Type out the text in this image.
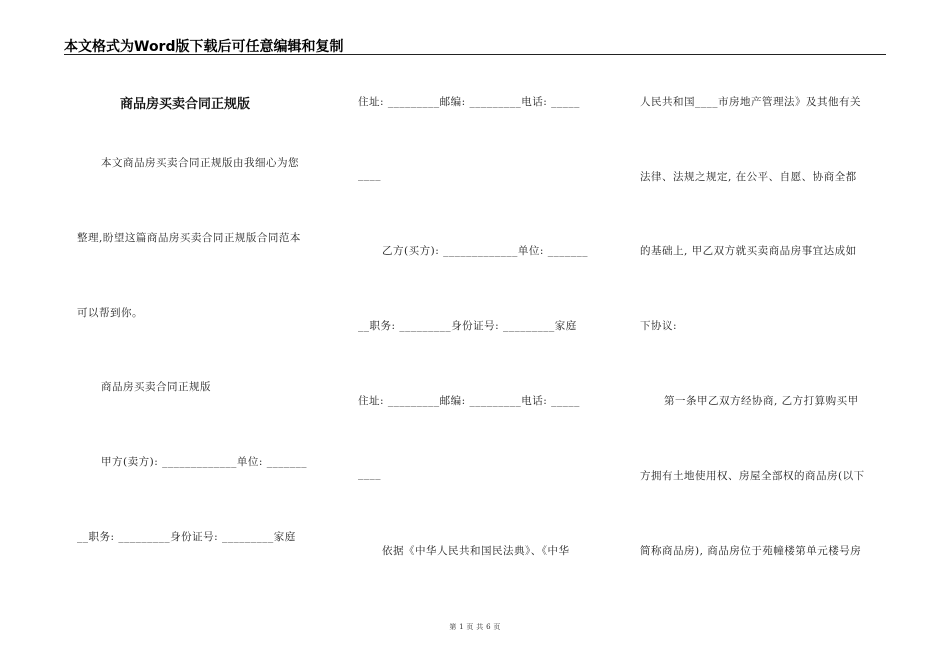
本文格式为Word版下载后可任意编辑和复制
商品房买卖合同正规版
本文商品房买卖合同正规版由我细心为您
整理,盼望这篇商品房买卖合同正规版合同范本
可以帮到你。
商品房买卖合同正规版
甲方(卖方): _____________单位: _______
__职务: _________身份证号: _________家庭
住址: _________邮编: _________电话: _____
____
乙方(买方): _____________单位: _______
__职务: _________身份证号: _________家庭
住址: _________邮编: _________电话: _____
____
依据《中华人民共和国民法典》、《中华
人民共和国____市房地产管理法》及其他有关
法律、法规之规定, 在公平、自愿、协商全都
的基础上, 甲乙双方就买卖商品房事宜达成如
下协议:
第一条甲乙双方经协商, 乙方打算购买甲
方拥有土地使用权、房屋全部权的商品房(以下
简称商品房), 商品房位于苑幢楼第单元楼号房
第 1 页 共 6 页
